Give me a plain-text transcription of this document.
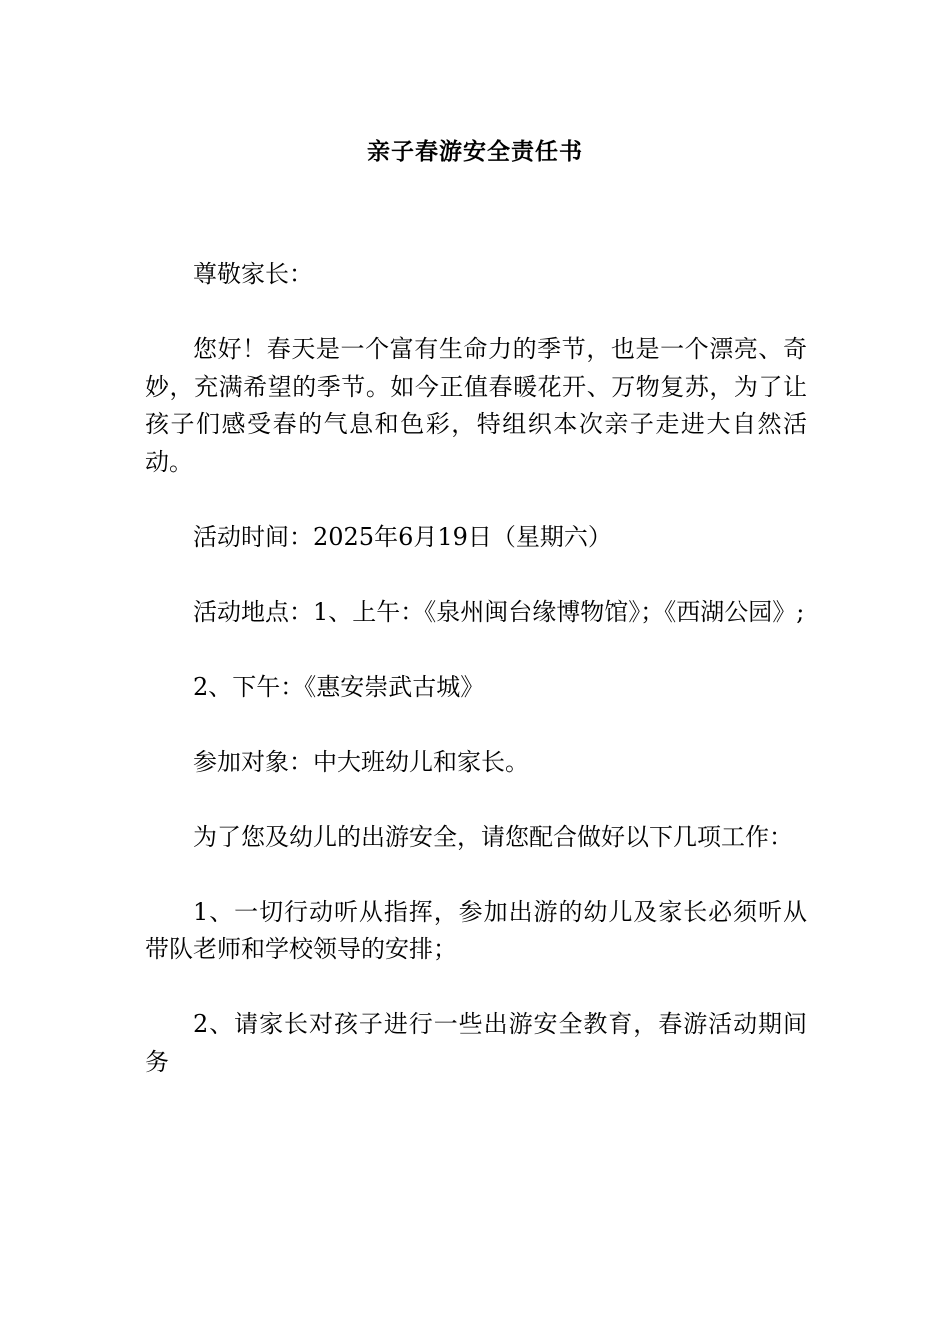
亲子春游安全责任书

尊敬家长：

您好！春天是一个富有生命力的季节，也是一个漂亮、奇妙，充满希望的季节。如今正值春暖花开、万物复苏，为了让孩子们感受春的气息和色彩，特组织本次亲子走进大自然活动。

活动时间：2025年6月19日（星期六）

活动地点：1、上午：《泉州闽台缘博物馆》；《西湖公园》;

2、下午：《惠安崇武古城》

参加对象：中大班幼儿和家长。

为了您及幼儿的出游安全，请您配合做好以下几项工作：

1、一切行动听从指挥，参加出游的幼儿及家长必须听从带队老师和学校领导的安排；

2、请家长对孩子进行一些出游安全教育，春游活动期间务
